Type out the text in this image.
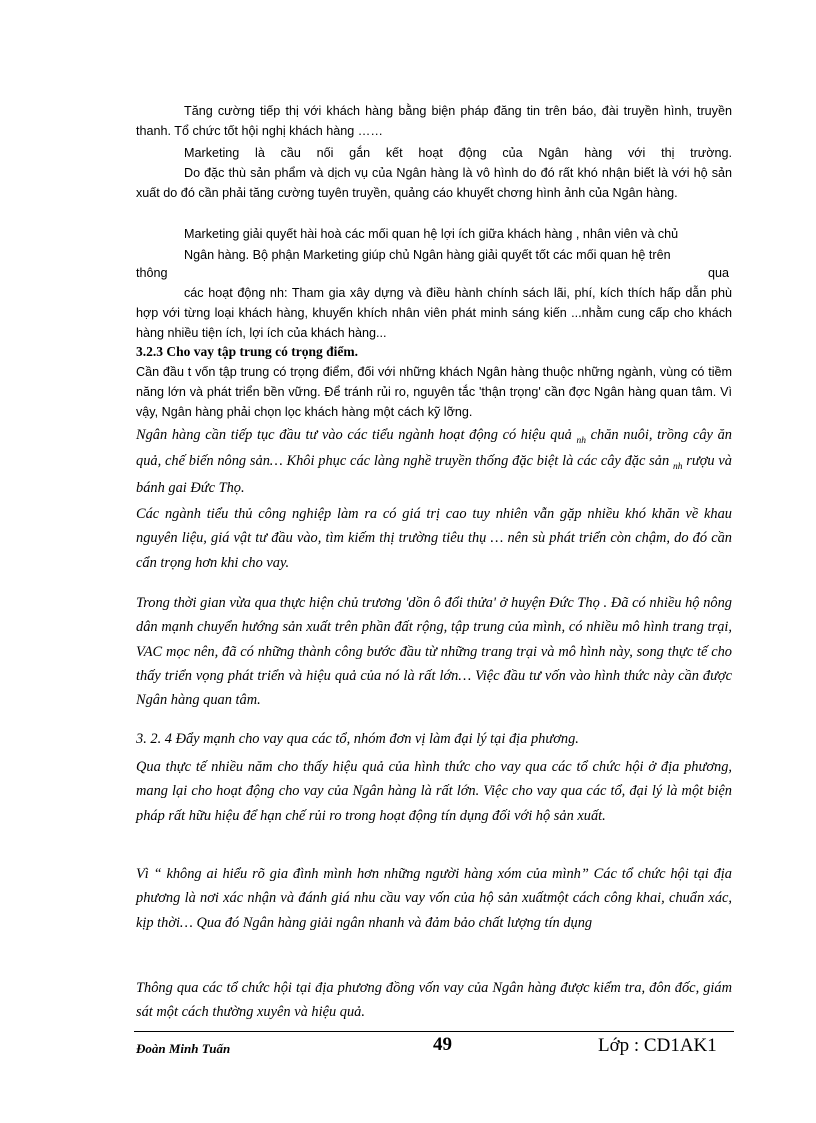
Tăng cường tiếp thị với khách hàng bằng biện pháp đăng tin trên báo, đài truyền hình, truyền thanh. Tổ chức tốt hội nghị khách hàng ……

Marketing là cầu nối gắn kết hoạt động của Ngân hàng với thị trường.

Do đặc thù sản phẩm và dịch vụ của Ngân hàng là vô hình do đó rất khó nhận biết là với hộ sản xuất do đó cần phải tăng cường tuyên truyền, quảng cáo khuyết chơng hình ảnh của Ngân hàng.

Marketing giải quyết hài hoà các mối quan hệ lợi ích giữa khách hàng , nhân viên và chủ

Ngân hàng. Bộ phận Marketing giúp chủ Ngân hàng giải quyết tốt các mối quan hệ trên

thông	qua

các hoạt động nh: Tham gia xây dựng và điều hành chính sách lãi, phí, kích thích hấp dẫn phù hợp với từng loại khách hàng, khuyến khích nhân viên phát minh sáng kiến ...nhằm cung cấp cho khách hàng nhiều tiện ích, lợi ích của khách hàng...

3.2.3 Cho vay tập trung có trọng điểm.

Cần đầu t vốn tập trung có trọng điểm, đối với những khách Ngân hàng thuộc những ngành, vùng có tiềm năng lớn và phát triển bền vững. Để tránh rủi ro, nguyên tắc 'thận trọng' cần đợc Ngân hàng quan tâm. Vì vậy, Ngân hàng phải chọn lọc khách hàng một cách kỹ lỡng.

Ngân hàng cần tiếp tục đầu tư vào các tiểu ngành hoạt động có hiệu quả $_{nh}$ chăn nuôi, trồng cây ăn quả, chế biến nông sản… Khôi phục các làng nghề truyền thống đặc biệt là các cây đặc sản $_{nh}$ rượu và bánh gai Đức Thọ.

Các ngành tiểu thủ công nghiệp làm ra có giá trị cao tuy nhiên vẫn gặp nhiều khó khăn về khau nguyên liệu, giá vật tư đầu vào, tìm kiếm thị trường tiêu thụ … nên sù phát triển còn chậm, do đó cần cẩn trọng hơn khi cho vay.

Trong thời gian vừa qua thực hiện chủ trương 'dồn ô đổi thửa' ở huyện Đức Thọ . Đã có nhiều hộ nông dân mạnh chuyển hướng sản xuất trên phần đất rộng, tập trung của mình, có nhiều mô hình trang trại, VAC mọc nên, đã có những thành công bước đầu từ những trang trại và mô hình này, song thực tế cho thấy triển vọng phát triển và hiệu quả của nó là rất lớn… Việc đầu tư vốn vào hình thức này cần được Ngân hàng quan tâm.

3. 2. 4 Đẩy mạnh cho vay qua các tổ, nhóm đơn vị làm đại lý tại địa phương.

Qua thực tế nhiều năm cho thấy hiệu quả của hình thức cho vay qua các tổ chức hội ở địa phương, mang lại cho hoạt động cho vay của Ngân hàng là rất lớn. Việc cho vay qua các tổ, đại lý là một biện pháp rất hữu hiệu để hạn chế rủi ro trong hoạt động tín dụng đối với hộ sản xuất.

Vì “ không ai hiểu rõ gia đình mình hơn những người hàng xóm của mình” Các tổ chức hội tại địa phương là nơi xác nhận và đánh giá nhu cầu vay vốn của hộ sản xuấtmột cách công khai, chuẩn xác, kịp thời… Qua đó Ngân hàng giải ngân nhanh và đảm bảo chất lượng tín dụng

Thông qua các tổ chức hội tại địa phương đồng vốn vay của Ngân hàng được kiểm tra, đôn đốc, giám sát một cách thường xuyên và hiệu quả.

Đoàn Minh Tuấn	49	Lớp : CD1AK1
